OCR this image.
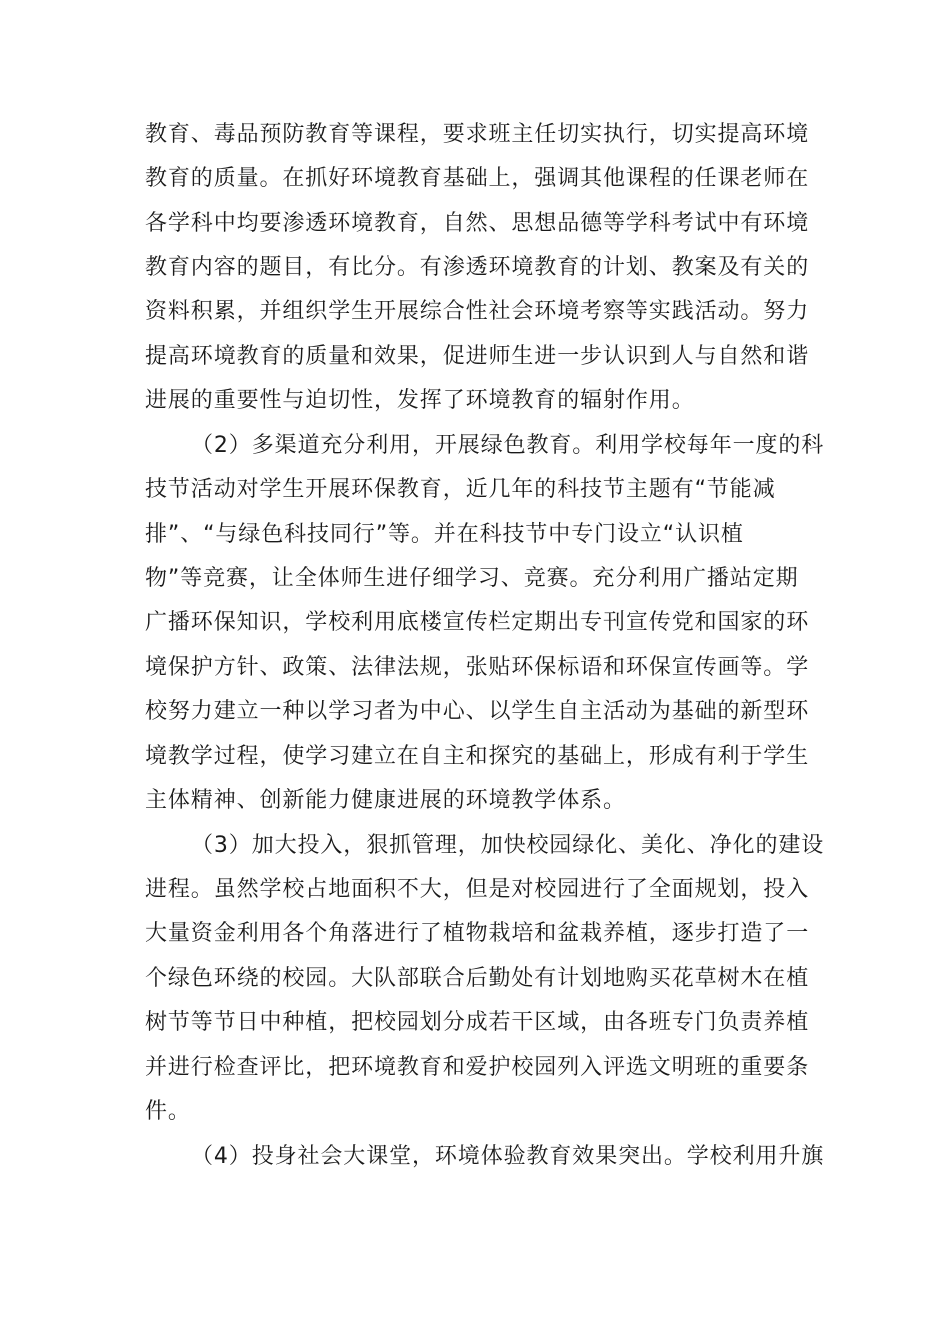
教育、毒品预防教育等课程，要求班主任切实执行，切实提高环境
教育的质量。在抓好环境教育基础上，强调其他课程的任课老师在
各学科中均要渗透环境教育，自然、思想品德等学科考试中有环境
教育内容的题目，有比分。有渗透环境教育的计划、教案及有关的
资料积累，并组织学生开展综合性社会环境考察等实践活动。努力
提高环境教育的质量和效果，促进师生进一步认识到人与自然和谐
进展的重要性与迫切性，发挥了环境教育的辐射作用。
（2）多渠道充分利用，开展绿色教育。利用学校每年一度的科
技节活动对学生开展环保教育，近几年的科技节主题有“节能减
排”、“与绿色科技同行”等。并在科技节中专门设立“认识植
物”等竞赛，让全体师生进仔细学习、竞赛。充分利用广播站定期
广播环保知识，学校利用底楼宣传栏定期出专刊宣传党和国家的环
境保护方针、政策、法律法规，张贴环保标语和环保宣传画等。学
校努力建立一种以学习者为中心、以学生自主活动为基础的新型环
境教学过程，使学习建立在自主和探究的基础上，形成有利于学生
主体精神、创新能力健康进展的环境教学体系。
（3）加大投入，狠抓管理，加快校园绿化、美化、净化的建设
进程。虽然学校占地面积不大，但是对校园进行了全面规划，投入
大量资金利用各个角落进行了植物栽培和盆栽养植，逐步打造了一
个绿色环绕的校园。大队部联合后勤处有计划地购买花草树木在植
树节等节日中种植，把校园划分成若干区域，由各班专门负责养植
并进行检查评比，把环境教育和爱护校园列入评选文明班的重要条
件。
（4）投身社会大课堂，环境体验教育效果突出。学校利用升旗
